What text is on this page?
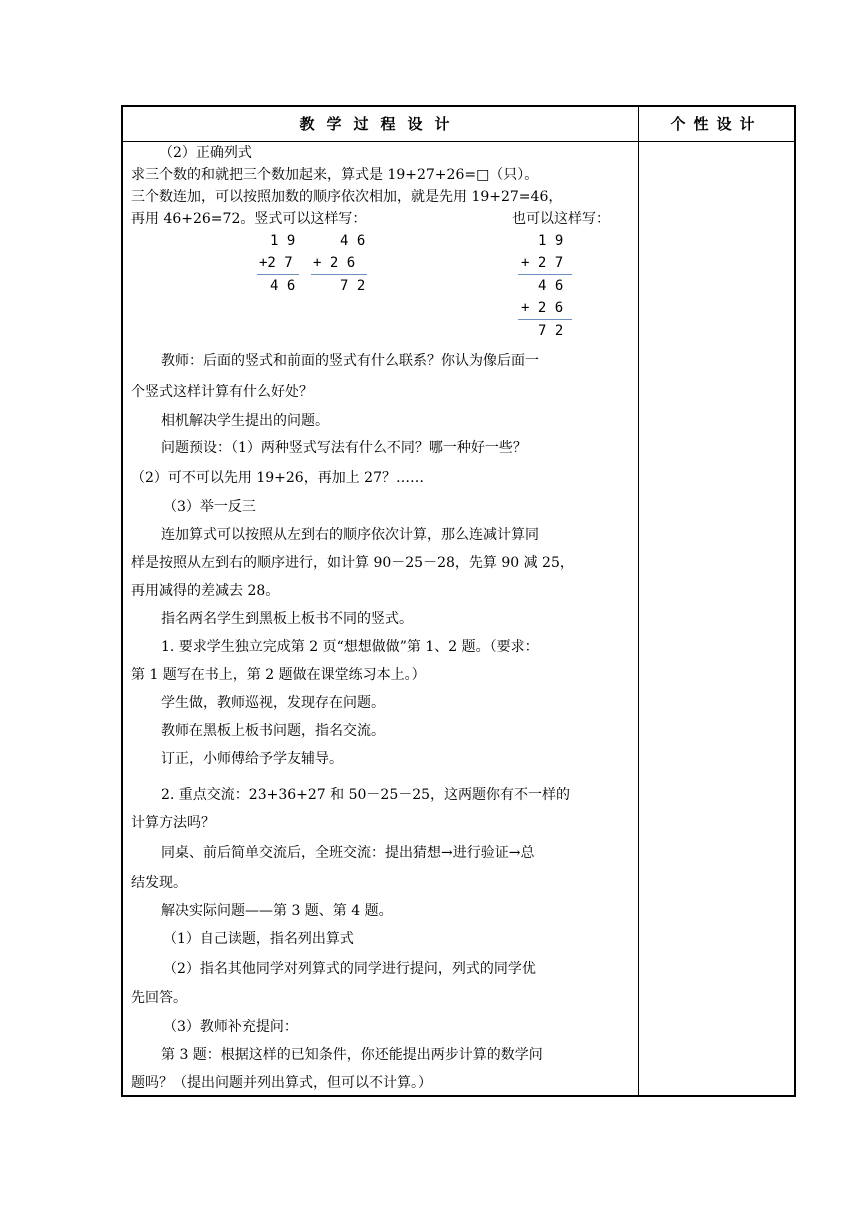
教学过程设计	个性设计
（2）正确列式
求三个数的和就把三个数加起来，算式是 19+27+26=□（只）。
三个数连加，可以按照加数的顺序依次相加，就是先用 19+27=46，
再用 46+26=72。竖式可以这样写：	也可以这样写：
1 9
+2 7
4 6
4 6
+ 2 6
7 2
1 9
+ 2 7
4 6
+ 2 6
7 2
教师：后面的竖式和前面的竖式有什么联系？你认为像后面一
个竖式这样计算有什么好处？
相机解决学生提出的问题。
问题预设：（1）两种竖式写法有什么不同？哪一种好一些？
（2）可不可以先用 19+26，再加上 27？……
（3）举一反三
连加算式可以按照从左到右的顺序依次计算，那么连减计算同
样是按照从左到右的顺序进行，如计算 90－25－28，先算 90 减 25，
再用减得的差减去 28。
指名两名学生到黑板上板书不同的竖式。
1. 要求学生独立完成第 2 页“想想做做”第 1、2 题。（要求：
第 1 题写在书上，第 2 题做在课堂练习本上。）
学生做，教师巡视，发现存在问题。
教师在黑板上板书问题，指名交流。
订正，小师傅给予学友辅导。
2. 重点交流：23+36+27 和 50－25－25，这两题你有不一样的
计算方法吗？
同桌、前后简单交流后，全班交流：提出猜想→进行验证→总
结发现。
解决实际问题——第 3 题、第 4 题。
（1）自己读题，指名列出算式
（2）指名其他同学对列算式的同学进行提问，列式的同学优
先回答。
（3）教师补充提问：
第 3 题：根据这样的已知条件，你还能提出两步计算的数学问
题吗？（提出问题并列出算式，但可以不计算。）
